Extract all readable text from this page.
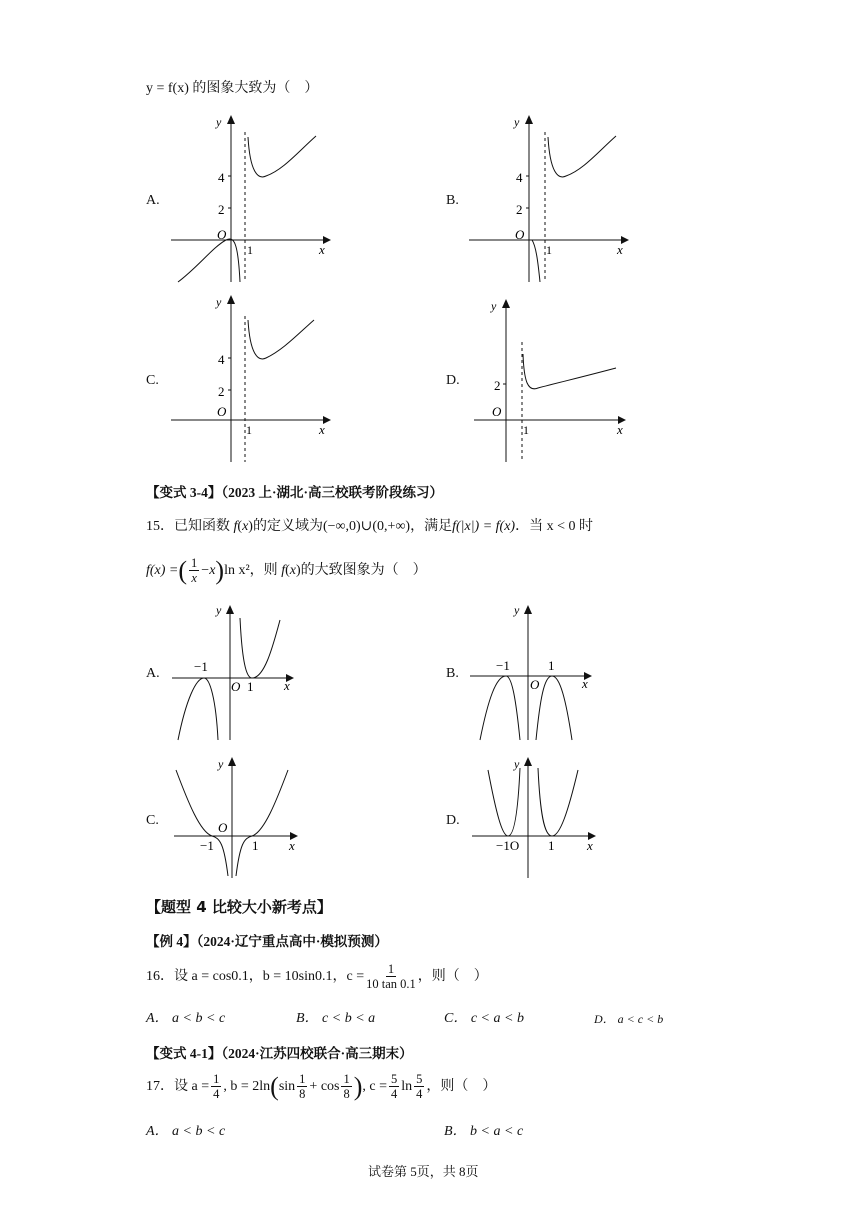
y = f(x) 的图象大致为（　）
A.
y
x
4
2
O
1
B.
y
x
4
2
O
1
C.
y
x
4
2
O
1
D.
y
x
2
O
1
【变式 3-4】（2023 上·湖北·高三校联考阶段练习）
15．已知函数 f(x)的定义域为(−∞,0)∪(0,+∞)，满足f(|x|) = f(x)．当 x < 0 时
f(x) = ( $\frac{1}{x} -x$ ) ln x²，则 f ( x ) 的大致图象为（　）
A.
y
x
−1
O 1
B.
y
x
−1	1
O
C.
y
x
O
−1	1
D.
y
x
−1O 1
【题型 4 比较大小新考点】
【例 4】（2024·辽宁重点高中·模拟预测）
16．设 a = cos0.1，b = 10sin0.1，$c = \frac{1}{10 \tan 0.1}$ ，则（　）
A． a < b < c	B． c < b < a	C． c < a < b	D． a < c < b
【变式 4-1】（2024·江苏四校联合·高三期末）
17．设 $a = \frac{1}{4}$ , b = 2ln ( $\sin \frac{1}{8} + \cos \frac{1}{8}$ ) , $c = \frac{5}{4}$ $\ln \frac{5}{4}$ ，则（　）
A． a < b < c	B． b < a < c
试卷第 5页，共 8页
